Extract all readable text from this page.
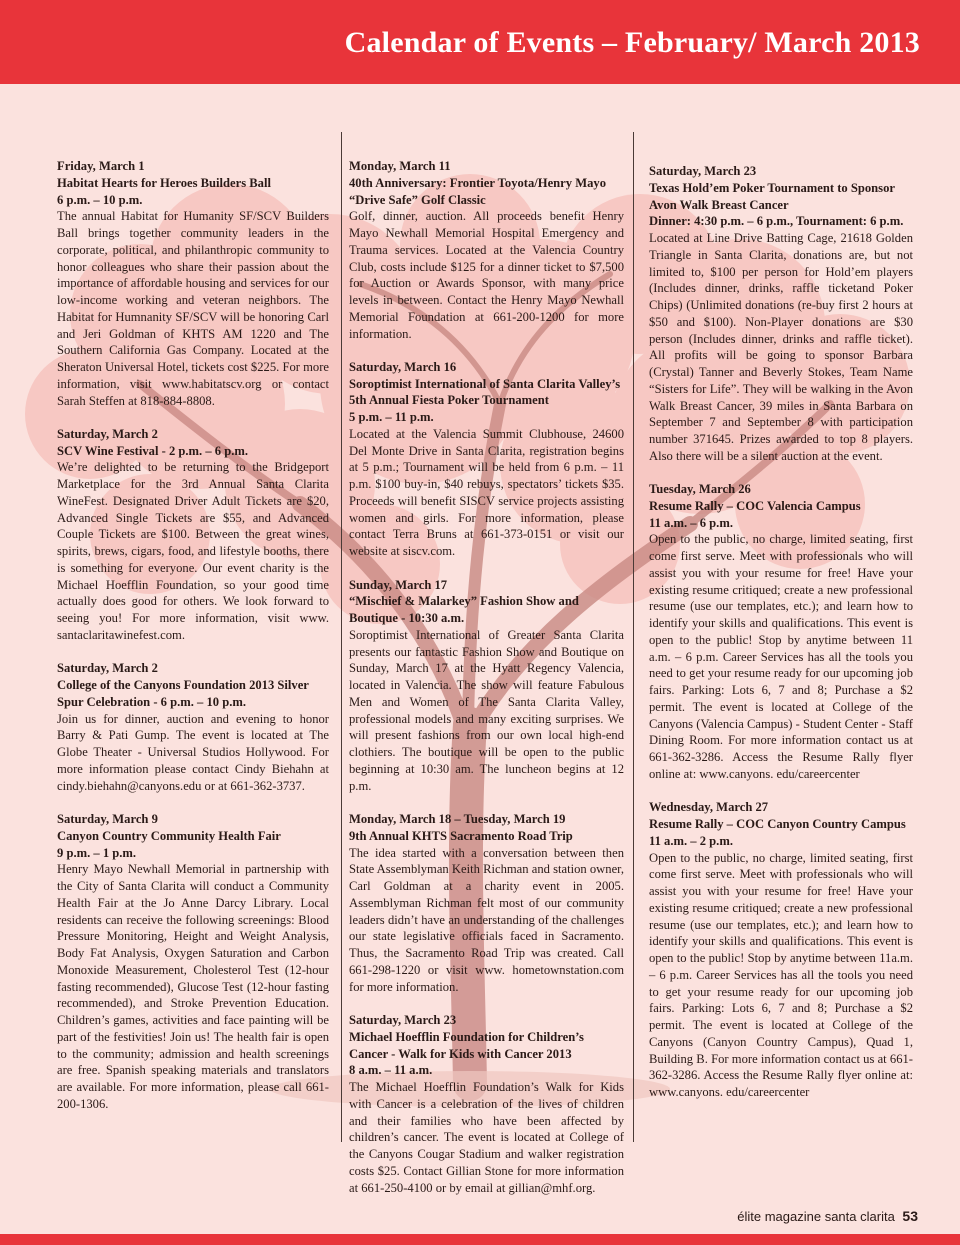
Calendar of Events – February/ March 2013
Friday, March 1
Habitat Hearts for Heroes Builders Ball
6 p.m. – 10 p.m.

The annual Habitat for Humanity SF/SCV Builders Ball brings together community leaders in the corporate, political, and philanthropic community to honor colleagues who share their passion about the importance of affordable housing and services for our low-income working and veteran neighbors. The Habitat for Humnanity SF/SCV will be honoring Carl and Jeri Goldman of KHTS AM 1220 and The Southern California Gas Company. Located at the Sheraton Universal Hotel, tickets cost $225. For more information, visit www.habitatscv.org or contact Sarah Steffen at 818-884-8808.

Saturday, March 2
SCV Wine Festival - 2 p.m. – 6 p.m.

We’re delighted to be returning to the Bridgeport Marketplace for the 3rd Annual Santa Clarita WineFest. Designated Driver Adult Tickets are $20, Advanced Single Tickets are $55, and Advanced Couple Tickets are $100. Between the great wines, spirits, brews, cigars, food, and lifestyle booths, there is something for everyone. Our event charity is the Michael Hoefflin Foundation, so your good time actually does good for others. We look forward to seeing you! For more information, visit www. santaclaritawinefest.com.

Saturday, March 2
College of the Canyons Foundation 2013 Silver Spur Celebration - 6 p.m. – 10 p.m.

Join us for dinner, auction and evening to honor Barry & Pati Gump. The event is located at The Globe Theater - Universal Studios Hollywood. For more information please contact Cindy Biehahn at cindy.biehahn@canyons.edu or at 661-362-3737.

Saturday, March 9
Canyon Country Community Health Fair
9 p.m. – 1 p.m.

Henry Mayo Newhall Memorial in partnership with the City of Santa Clarita will conduct a Community Health Fair at the Jo Anne Darcy Library. Local residents can receive the following screenings: Blood Pressure Monitoring, Height and Weight Analysis, Body Fat Analysis, Oxygen Saturation and Carbon Monoxide Measurement, Cholesterol Test (12-hour fasting recommended), Glucose Test (12-hour fasting recommended), and Stroke Prevention Education. Children’s games, activities and face painting will be part of the festivities! Join us! The health fair is open to the community; admission and health screenings are free. Spanish speaking materials and translators are available. For more information, please call 661-200-1306.

Monday, March 11
40th Anniversary: Frontier Toyota/Henry Mayo “Drive Safe” Golf Classic

Golf, dinner, auction. All proceeds benefit Henry Mayo Newhall Memorial Hospital Emergency and Trauma services. Located at the Valencia Country Club, costs include $125 for a dinner ticket to $7,500 for Auction or Awards Sponsor, with many price levels in between. Contact the Henry Mayo Newhall Memorial Foundation at 661-200-1200 for more information.

Saturday, March 16
Soroptimist International of Santa Clarita Valley’s 5th Annual Fiesta Poker Tournament
5 p.m. – 11 p.m.

Located at the Valencia Summit Clubhouse, 24600 Del Monte Drive in Santa Clarita, registration begins at 5 p.m.; Tournament will be held from 6 p.m. – 11 p.m. $100 buy-in, $40 rebuys, spectators’ tickets $35. Proceeds will benefit SISCV service projects assisting women and girls. For more information, please contact Terra Bruns at 661-373-0151 or visit our website at siscv.com.

Sunday, March 17
“Mischief & Malarkey” Fashion Show and Boutique - 10:30 a.m.

Soroptimist International of Greater Santa Clarita presents our fantastic Fashion Show and Boutique on Sunday, March 17 at the Hyatt Regency Valencia, located in Valencia. The show will feature Fabulous Men and Women of The Santa Clarita Valley, professional models and many exciting surprises. We will present fashions from our own local high-end clothiers. The boutique will be open to the public beginning at 10:30 am. The luncheon begins at 12 p.m.

Monday, March 18 – Tuesday, March 19
9th Annual KHTS Sacramento Road Trip

The idea started with a conversation between then State Assemblyman Keith Richman and station owner, Carl Goldman at a charity event in 2005. Assemblyman Richman felt most of our community leaders didn’t have an understanding of the challenges our state legislative officials faced in Sacramento. Thus, the Sacramento Road Trip was created. Call 661-298-1220 or visit www. hometownstation.com for more information.

Saturday, March 23
Michael Hoefflin Foundation for Children’s Cancer - Walk for Kids with Cancer 2013
8 a.m. – 11 a.m.

The Michael Hoefflin Foundation’s Walk for Kids with Cancer is a celebration of the lives of children and their families who have been affected by children’s cancer. The event is located at College of the Canyons Cougar Stadium and walker registration costs $25. Contact Gillian Stone for more information at 661-250-4100 or by email at gillian@mhf.org.

Saturday, March 23
Texas Hold’em Poker Tournament to Sponsor Avon Walk Breast Cancer
Dinner: 4:30 p.m. – 6 p.m., Tournament: 6 p.m.

Located at Line Drive Batting Cage, 21618 Golden Triangle in Santa Clarita, donations are, but not limited to, $100 per person for Hold’em players (Includes dinner, drinks, raffle ticketand Poker Chips) (Unlimited donations (re-buy first 2 hours at $50 and $100). Non-Player donations are $30 person (Includes dinner, drinks and raffle ticket). All profits will be going to sponsor Barbara (Crystal) Tanner and Beverly Stokes, Team Name “Sisters for Life”. They will be walking in the Avon Walk Breast Cancer, 39 miles in Santa Barbara on September 7 and September 8 with participation number 371645. Prizes awarded to top 8 players. Also there will be a silent auction at the event.

Tuesday, March 26
Resume Rally – COC Valencia Campus
11 a.m. – 6 p.m.

Open to the public, no charge, limited seating, first come first serve. Meet with professionals who will assist you with your resume for free! Have your existing resume critiqued; create a new professional resume (use our templates, etc.); and learn how to identify your skills and qualifications. This event is open to the public! Stop by anytime between 11 a.m. – 6 p.m. Career Services has all the tools you need to get your resume ready for our upcoming job fairs. Parking: Lots 6, 7 and 8; Purchase a $2 permit. The event is located at College of the Canyons (Valencia Campus) - Student Center - Staff Dining Room. For more information contact us at 661-362-3286. Access the Resume Rally flyer online at: www.canyons. edu/careercenter

Wednesday, March 27
Resume Rally – COC Canyon Country Campus
11 a.m. – 2 p.m.

Open to the public, no charge, limited seating, first come first serve. Meet with professionals who will assist you with your resume for free! Have your existing resume critiqued; create a new professional resume (use our templates, etc.); and learn how to identify your skills and qualifications. This event is open to the public! Stop by anytime between 11a.m. – 6 p.m. Career Services has all the tools you need to get your resume ready for our upcoming job fairs. Parking: Lots 6, 7 and 8; Purchase a $2 permit. The event is located at College of the Canyons (Canyon Country Campus), Quad 1, Building B. For more information contact us at 661-362-3286. Access the Resume Rally flyer online at: www.canyons. edu/careercenter

élite magazine santa clarita 53
